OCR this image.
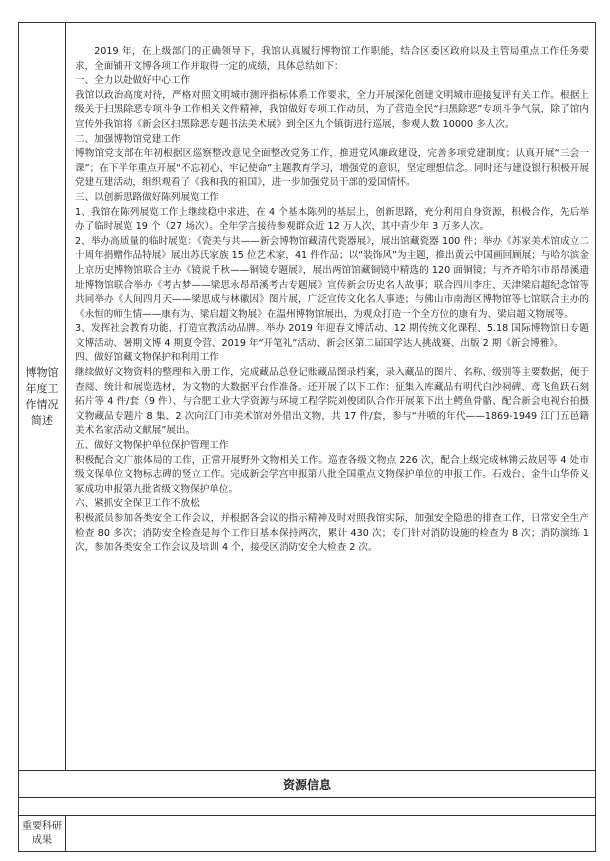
博物馆年度工作情况简述

2019 年，在上级部门的正确领导下，我馆认真履行博物馆工作职能，结合区委区政府以及主管局重点工作任务要求，全面铺开文博各项工作并取得一定的成绩，具体总结如下：

一、全力以赴做好中心工作

我馆以政治高度对待，严格对照文明城市测评指标体系工作要求，全力开展深化创建文明城市迎接复评有关工作。根据上级关于扫黑除恶专项斗争工作相关文件精神，我馆做好专项工作动员，为了营造全民“扫黑除恶”专项斗争气氛，除了馆内宣传外我馆将《新会区扫黑除恶专题书法美术展》到全区九个镇街进行巡展，参观人数 10000 多人次。

二、加强博物馆党建工作

博物馆党支部在年初根据区巡察整改意见全面整改党务工作，推进党风廉政建设，完善多项党建制度；认真开展“三会一课”；在下半年重点开展“不忘初心、牢记使命”主题教育学习，增强党的意识，坚定理想信念。同时还与建设银行积极开展党建互建活动，组织观看了《我和我的祖国》，进一步加强党员干部的爱国情怀。

三、以创新思路做好陈列展览工作

1、我馆在陈列展览工作上继续稳中求进，在 4 个基本陈列的基层上，创新思路，充分利用自身资源，积极合作，先后举办了临时展览 19 个（27 场次）。全年学言接待参观群众近 12 万人次，其中青少年 3 万多人次。

2、举办高质量的临时展览：《瓷美与共——新会博物馆藏清代瓷器展》，展出馆藏瓷器 100 件；举办《苏家美术馆成立二十周年捐赠作品特展》展出苏氏家族 15 位艺术家，41 件作品；以“装饰风”为主题，推出黄云中国画回顾展；与哈尔滨金上京历史博物馆联合主办《镜说千秋——铜镜专题展》，展出两馆馆藏铜镜中精选的 120 面铜镜；与齐齐哈尔市昂昂溪遗址博物馆联合举办《考古梦——梁思永昂昂溪考古专题展》宣传新会历史名人故事；联合四川李庄、天津梁启超纪念馆等共同举办《人间四月天——梁思成与林徽因》图片展，广泛宣传文化名人事迹；与佛山市南海区博物馆等七馆联合主办的《永恒的师生情——康有为、梁启超文物展》在温州博物馆展出，为观众打造一个全方位的康有为、梁启超文物展等。

3、发挥社会教育功能，打造宣教活动品牌。举办 2019 年迎春文博活动、12 期传统文化课程、5.18 国际博物馆日专题文博活动、暑期文博 4 期夏令营、2019 年“开笔礼”活动、新会区第二届国学达人挑战赛、出版 2 期《新会博雅》。

四、做好馆藏文物保护和利用工作

继续做好文物资料的整理和入册工作，完成藏品总登记账藏品图录档案，录入藏品的图片、名称、级别等主要数据，便于查阅、统计和展览选材，为文物的大数据平台作准备。还开展了以下工作：征集入库藏品有明代白沙祠碑、鸢飞鱼跃石刻拓片等 4 件/套（9 件）、与合肥工业大学资源与环境工程学院刘俊团队合作开展莱下出土鳄鱼骨骼、配合新会电视台拍摄文物藏品专题片 8 集、2 次向江门市美术馆对外借出文物，共 17 件/套，参与“井喷的年代——1869-1949 江门五邑籍美术名家活动文献展”展出。

五、做好文物保护单位保护管理工作

积极配合文广旅体局的工作，正常开展野外文物相关工作。巡查各级文物点 226 次，配合上级完成林锵云故居等 4 处市级文保单位文物标志碑的竖立工作。完成新会学宫申报第八批全国重点文物保护单位的申报工作。石戏台、金牛山华侨义冢成功申报第九批省级文物保护单位。

六、紧抓安全保卫工作不放松

积极派员参加各类安全工作会议，并根据各会议的指示精神及时对照我馆实际，加强安全隐患的排查工作，日常安全生产检查 80 多次；消防安全检查是每个工作日基本保持两次，累计 430 次；专门针对消防设施的检查为 8 次；消防演练 1 次，参加各类安全工作会议及培训 4 个，接受区消防安全大检查 2 次。

资源信息
重要科研成果
